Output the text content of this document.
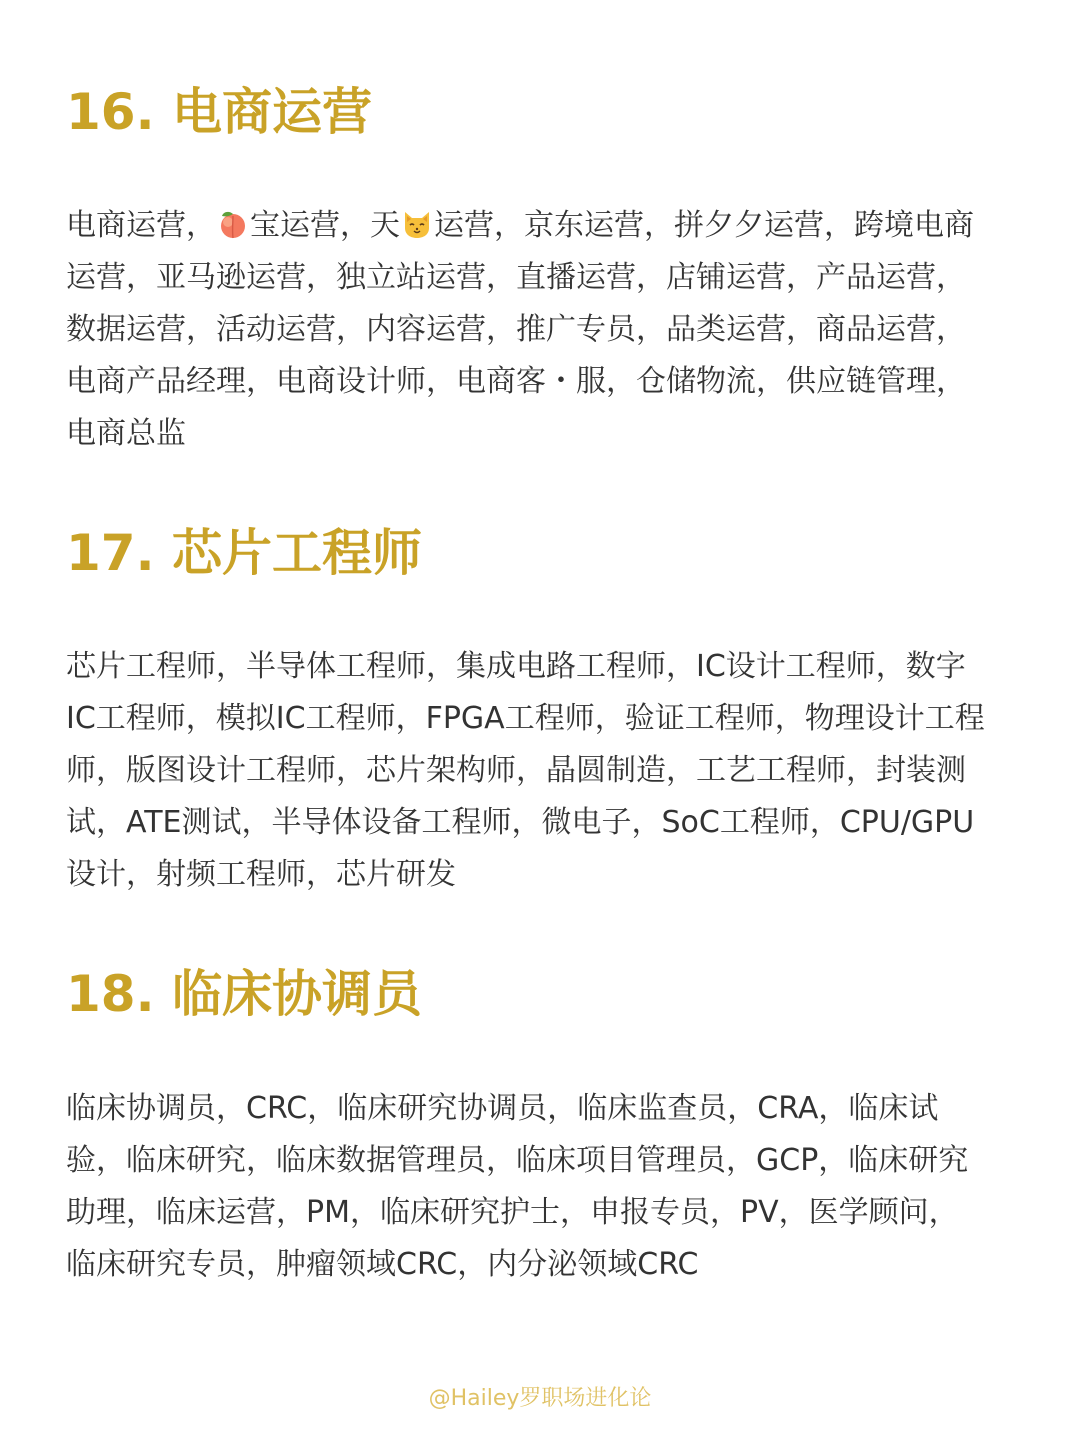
16. 电商运营

电商运营， 宝运营，天 运营，京东运营，拼夕夕运营，跨境电商运营，亚马逊运营，独立站运营，直播运营，店铺运营，产品运营，数据运营，活动运营，内容运营，推广专员，品类运营，商品运营，电商产品经理，电商设计师，电商客・服，仓储物流，供应链管理，电商总监

17. 芯片工程师

芯片工程师，半导体工程师，集成电路工程师，IC设计工程师，数字IC工程师，模拟IC工程师，FPGA工程师，验证工程师，物理设计工程师，版图设计工程师，芯片架构师，晶圆制造，工艺工程师，封装测试，ATE测试，半导体设备工程师，微电子，SoC工程师，CPU/GPU设计，射频工程师，芯片研发

18. 临床协调员

临床协调员，CRC，临床研究协调员，临床监查员，CRA，临床试验，临床研究，临床数据管理员，临床项目管理员，GCP，临床研究助理，临床运营，PM，临床研究护士，申报专员，PV，医学顾问，临床研究专员，肿瘤领域CRC，内分泌领域CRC

@Hailey罗职场进化论
